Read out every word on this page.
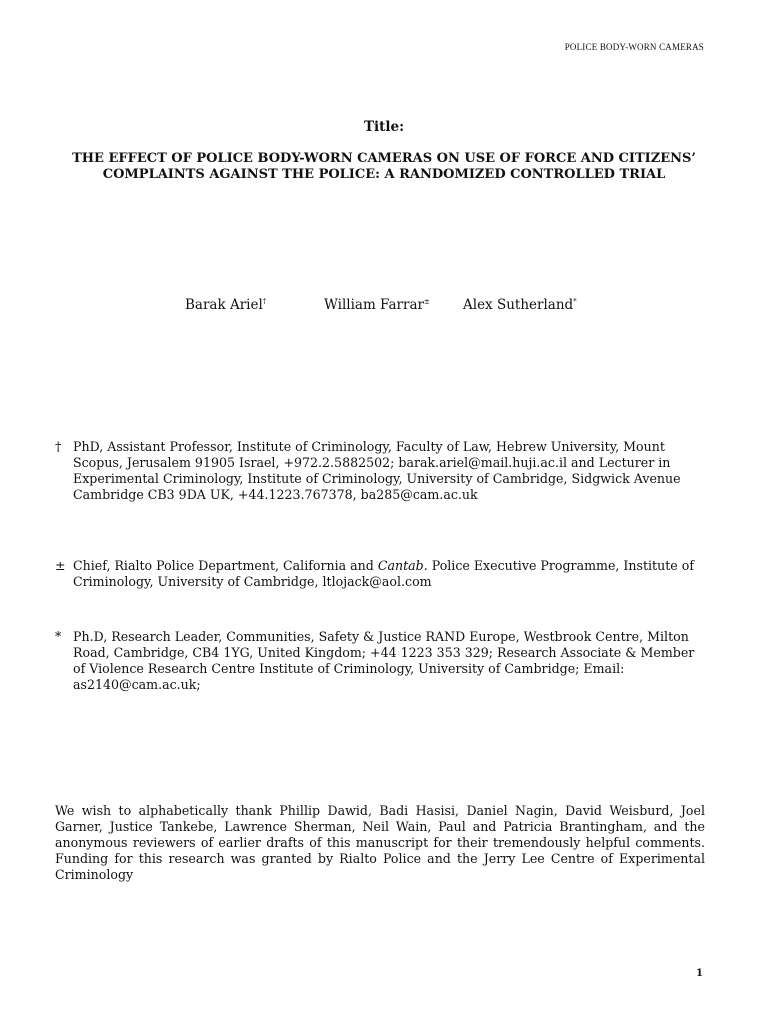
POLICE BODY-WORN CAMERAS
Title:
THE EFFECT OF POLICE BODY-WORN CAMERAS ON USE OF FORCE AND CITIZENS’ COMPLAINTS AGAINST THE POLICE: A RANDOMIZED CONTROLLED TRIAL
Barak Ariel†	William Farrar± Alex Sutherland*
† PhD, Assistant Professor, Institute of Criminology, Faculty of Law, Hebrew University, Mount Scopus, Jerusalem 91905 Israel, +972.2.5882502; barak.ariel@mail.huji.ac.il and Lecturer in Experimental Criminology, Institute of Criminology, University of Cambridge, Sidgwick Avenue Cambridge CB3 9DA UK, +44.1223.767378, ba285@cam.ac.uk
± Chief, Rialto Police Department, California and Cantab. Police Executive Programme, Institute of Criminology, University of Cambridge, ltlojack@aol.com
* Ph.D, Research Leader, Communities, Safety & Justice RAND Europe, Westbrook Centre, Milton Road, Cambridge, CB4 1YG, United Kingdom; +44 1223 353 329; Research Associate & Member of Violence Research Centre Institute of Criminology, University of Cambridge; Email: as2140@cam.ac.uk;
We wish to alphabetically thank Phillip Dawid, Badi Hasisi, Daniel Nagin, David Weisburd, Joel Garner, Justice Tankebe, Lawrence Sherman, Neil Wain, Paul and Patricia Brantingham, and the anonymous reviewers of earlier drafts of this manuscript for their tremendously helpful comments. Funding for this research was granted by Rialto Police and the Jerry Lee Centre of Experimental Criminology
1
